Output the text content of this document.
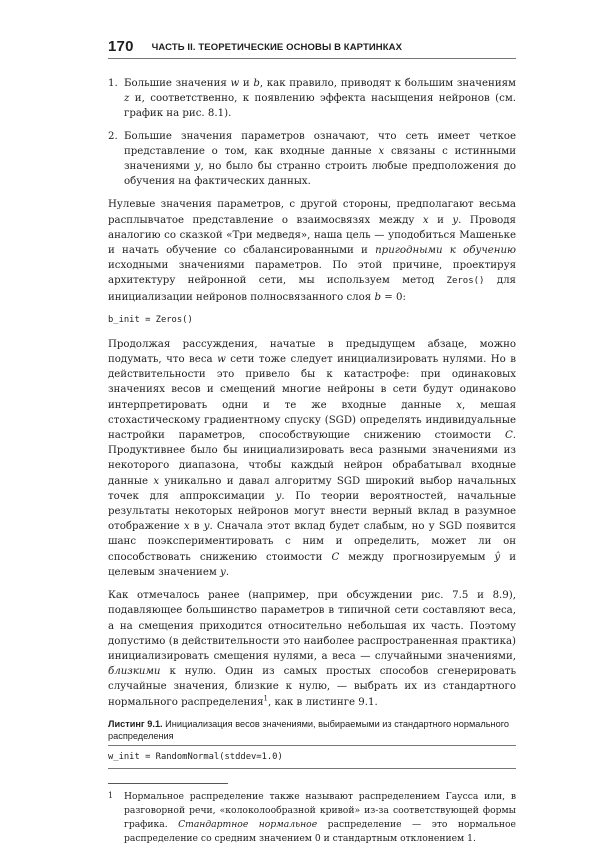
170 ЧАСТЬ II. ТЕОРЕТИЧЕСКИЕ ОСНОВЫ В КАРТИНКАХ
1. Большие значения w и b, как правило, приводят к большим значениям z и, соответственно, к появлению эффекта насыщения нейронов (см. график на рис. 8.1).
2. Большие значения параметров означают, что сеть имеет четкое представление о том, как входные данные x связаны с истинными значениями y, но было бы странно строить любые предположения до обучения на фактических данных.

Нулевые значения параметров, с другой стороны, предполагают весьма расплывчатое представление о взаимосвязях между x и y. Проводя аналогию со сказкой «Три медведя», наша цель — уподобиться Машеньке и начать обучение со сбалансированными и пригодными к обучению исходными значениями параметров. По этой причине, проектируя архитектуру нейронной сети, мы используем метод Zeros() для инициализации нейронов полносвязанного слоя b = 0:

b_init = Zeros()

Продолжая рассуждения, начатые в предыдущем абзаце, можно подумать, что веса w сети тоже следует инициализировать нулями. Но в действительности это привело бы к катастрофе: при одинаковых значениях весов и смещений многие нейроны в сети будут одинаково интерпретировать одни и те же входные данные x, мешая стохастическому градиентному спуску (SGD) определять индивидуальные настройки параметров, способствующие снижению стоимости C. Продуктивнее было бы инициализировать веса разными значениями из некоторого диапазона, чтобы каждый нейрон обрабатывал входные данные x уникально и давал алгоритму SGD широкий выбор начальных точек для аппроксимации y. По теории вероятностей, начальные результаты некоторых нейронов могут внести верный вклад в разумное отображение x в y. Сначала этот вклад будет слабым, но у SGD появится шанс поэкспериментировать с ним и определить, может ли он способствовать снижению стоимости C между прогнозируемым ŷ и целевым значением y.

Как отмечалось ранее (например, при обсуждении рис. 7.5 и 8.9), подавляющее большинство параметров в типичной сети составляют веса, а на смещения приходится относительно небольшая их часть. Поэтому допустимо (в действительности это наиболее распространенная практика) инициализировать смещения нулями, а веса — случайными значениями, близкими к нулю. Один из самых простых способов сгенерировать случайные значения, близкие к нулю, — выбрать их из стандартного нормального распределения$^1$, как в листинге 9.1.

Листинг 9.1. Инициализация весов значениями, выбираемыми из стандартного нормального распределения
w_init = RandomNormal(stddev=1.0)
1	Нормальное распределение также называют распределением Гаусса или, в разговорной речи, «колоколообразной кривой» из-за соответствующей формы графика. Стандартное нормальное распределение — это нормальное распределение со средним значением 0 и стандартным отклонением 1.
